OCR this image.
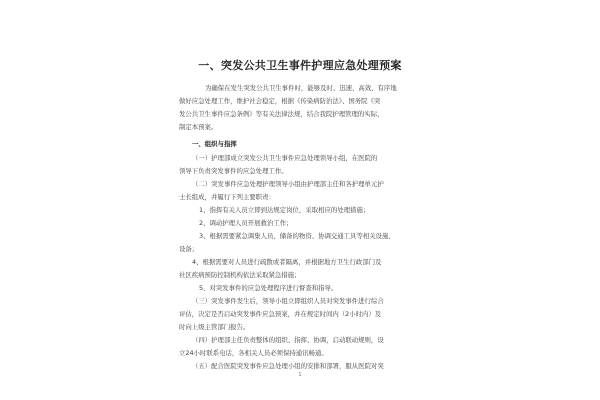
一、突发公共卫生事件护理应急处理预案
为确保在发生突发公共卫生事件时，能够及时、迅速、高效、有序地
做好应急处理工作，维护社会稳定，根据《传染病防治法》、国务院《突
发公共卫生事件应急条例》等有关法律法规，结合我院护理管理的实际，
制定本预案。
一、组织与指挥
（一）护理部成立突发公共卫生事件应急处理领导小组，在医院的
领导下负责突发事件的应急处理工作。
（二）突发事件应急处理护理领导小组由护理部主任和各护理单元护
士长组成，并履行下列主要职责：
1、指挥有关人员立即到达规定岗位，采取相应的处理措施；
2、调动护理人员开展救治工作；
3、根据需要紧急调集人员、储备的物资、协调交通工具等相关设施、
设备；
4、根据需要对人员进行疏散或者隔离，并根据地方卫生行政部门及
社区疾病预防控制机构依法采取紧急措施；
5、对突发事件的应急处理程序进行督查和指导。
（三）突发事件发生后，领导小组立即组织人员对突发事件进行综合
评估，决定是否启动突发事件应急预案，并在规定时间内（2小时内）及
1
时向上级主管部门报告。
（四）护理部主任负责整体的组织、指挥、协调，启动联动规则，设
立24小时联系电话，各相关人员必须保持通讯畅通。
（五）配合医院突发事件应急处理小组的安排和部署，服从医院对突
